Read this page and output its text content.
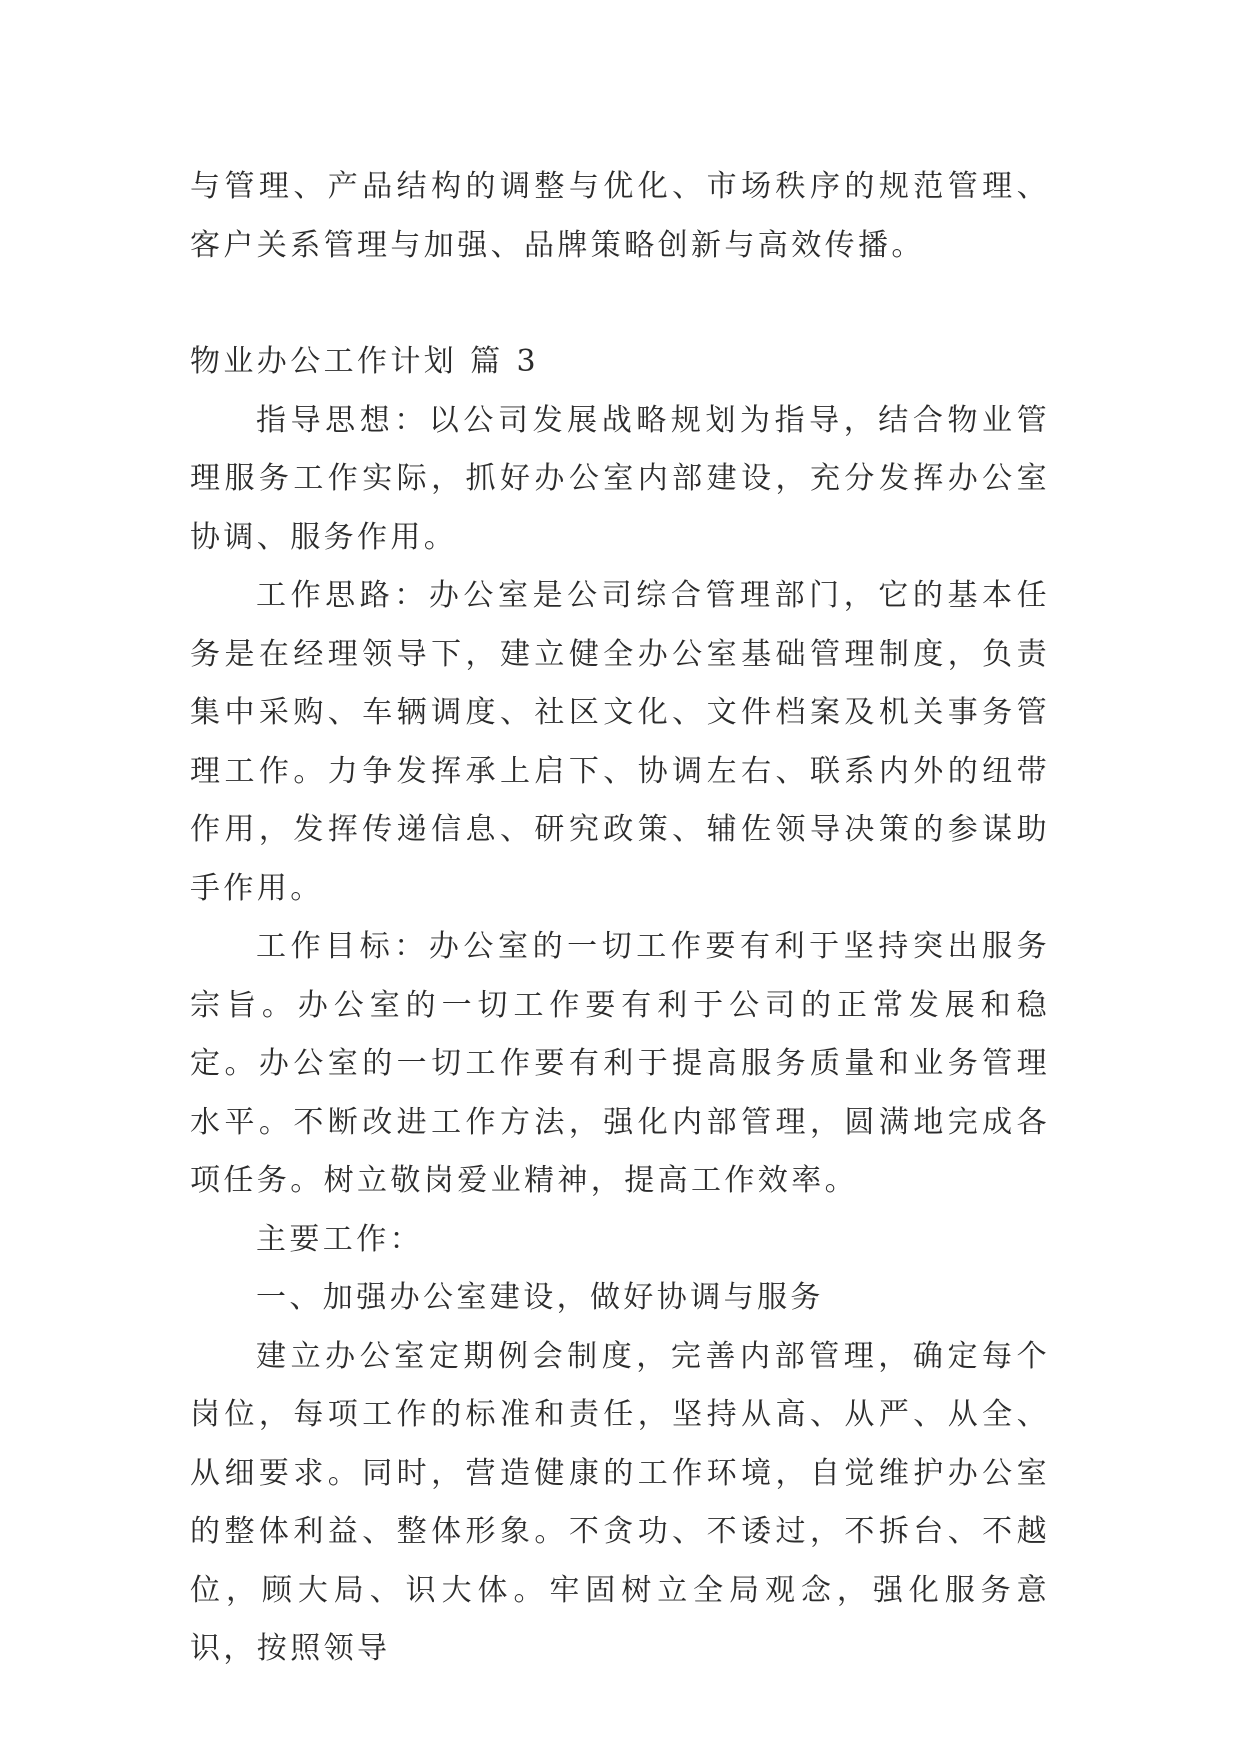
与管理、产品结构的调整与优化、市场秩序的规范管理、客户关系管理与加强、品牌策略创新与高效传播。

物业办公工作计划 篇 3

指导思想：以公司发展战略规划为指导，结合物业管理服务工作实际，抓好办公室内部建设，充分发挥办公室协调、服务作用。

工作思路：办公室是公司综合管理部门，它的基本任务是在经理领导下，建立健全办公室基础管理制度，负责集中采购、车辆调度、社区文化、文件档案及机关事务管理工作。力争发挥承上启下、协调左右、联系内外的纽带作用，发挥传递信息、研究政策、辅佐领导决策的参谋助手作用。

工作目标：办公室的一切工作要有利于坚持突出服务宗旨。办公室的一切工作要有利于公司的正常发展和稳定。办公室的一切工作要有利于提高服务质量和业务管理水平。不断改进工作方法，强化内部管理，圆满地完成各项任务。树立敬岗爱业精神，提高工作效率。

主要工作：

一、加强办公室建设，做好协调与服务

建立办公室定期例会制度，完善内部管理，确定每个岗位，每项工作的标准和责任，坚持从高、从严、从全、从细要求。同时，营造健康的工作环境，自觉维护办公室的整体利益、整体形象。不贪功、不诿过，不拆台、不越位，顾大局、识大体。牢固树立全局观念，强化服务意识，按照领导
